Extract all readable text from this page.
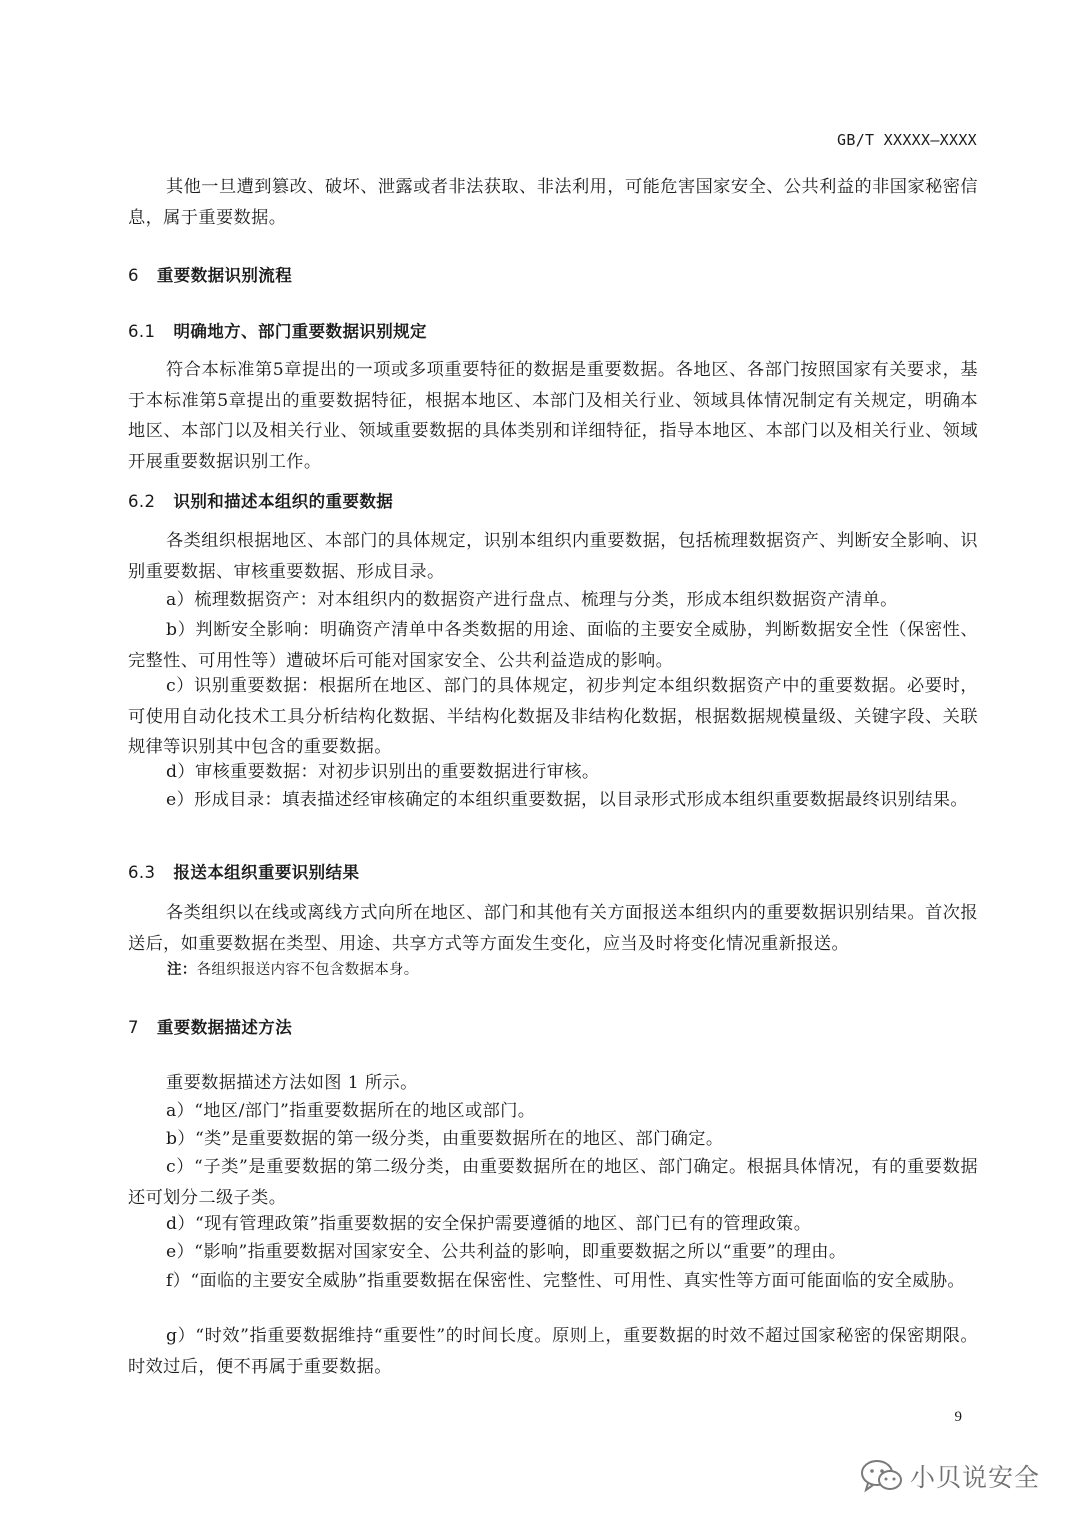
GB/T XXXXX—XXXX

其他一旦遭到篡改、破坏、泄露或者非法获取、非法利用，可能危害国家安全、公共利益的非国家秘密信息，属于重要数据。

6 重要数据识别流程
6.1 明确地方、部门重要数据识别规定

符合本标准第5章提出的一项或多项重要特征的数据是重要数据。各地区、各部门按照国家有关要求，基于本标准第5章提出的重要数据特征，根据本地区、本部门及相关行业、领域具体情况制定有关规定，明确本地区、本部门以及相关行业、领域重要数据的具体类别和详细特征，指导本地区、本部门以及相关行业、领域开展重要数据识别工作。

6.2 识别和描述本组织的重要数据

各类组织根据地区、本部门的具体规定，识别本组织内重要数据，包括梳理数据资产、判断安全影响、识别重要数据、审核重要数据、形成目录。

a）梳理数据资产：对本组织内的数据资产进行盘点、梳理与分类，形成本组织数据资产清单。

b）判断安全影响：明确资产清单中各类数据的用途、面临的主要安全威胁，判断数据安全性（保密性、完整性、可用性等）遭破坏后可能对国家安全、公共利益造成的影响。

c）识别重要数据：根据所在地区、部门的具体规定，初步判定本组织数据资产中的重要数据。必要时，可使用自动化技术工具分析结构化数据、半结构化数据及非结构化数据，根据数据规模量级、关键字段、关联规律等识别其中包含的重要数据。

d）审核重要数据：对初步识别出的重要数据进行审核。

e）形成目录：填表描述经审核确定的本组织重要数据，以目录形式形成本组织重要数据最终识别结果。

6.3 报送本组织重要识别结果

各类组织以在线或离线方式向所在地区、部门和其他有关方面报送本组织内的重要数据识别结果。首次报送后，如重要数据在类型、用途、共享方式等方面发生变化，应当及时将变化情况重新报送。

注：各组织报送内容不包含数据本身。
7 重要数据描述方法

重要数据描述方法如图 1 所示。

a）“地区/部门”指重要数据所在的地区或部门。

b）“类”是重要数据的第一级分类，由重要数据所在的地区、部门确定。

c）“子类”是重要数据的第二级分类，由重要数据所在的地区、部门确定。根据具体情况，有的重要数据还可划分二级子类。

d）“现有管理政策”指重要数据的安全保护需要遵循的地区、部门已有的管理政策。

e）“影响”指重要数据对国家安全、公共利益的影响，即重要数据之所以“重要”的理由。

f）“面临的主要安全威胁”指重要数据在保密性、完整性、可用性、真实性等方面可能面临的安全威胁。

g）“时效”指重要数据维持“重要性”的时间长度。原则上，重要数据的时效不超过国家秘密的保密期限。时效过后，便不再属于重要数据。

9
小贝说安全
